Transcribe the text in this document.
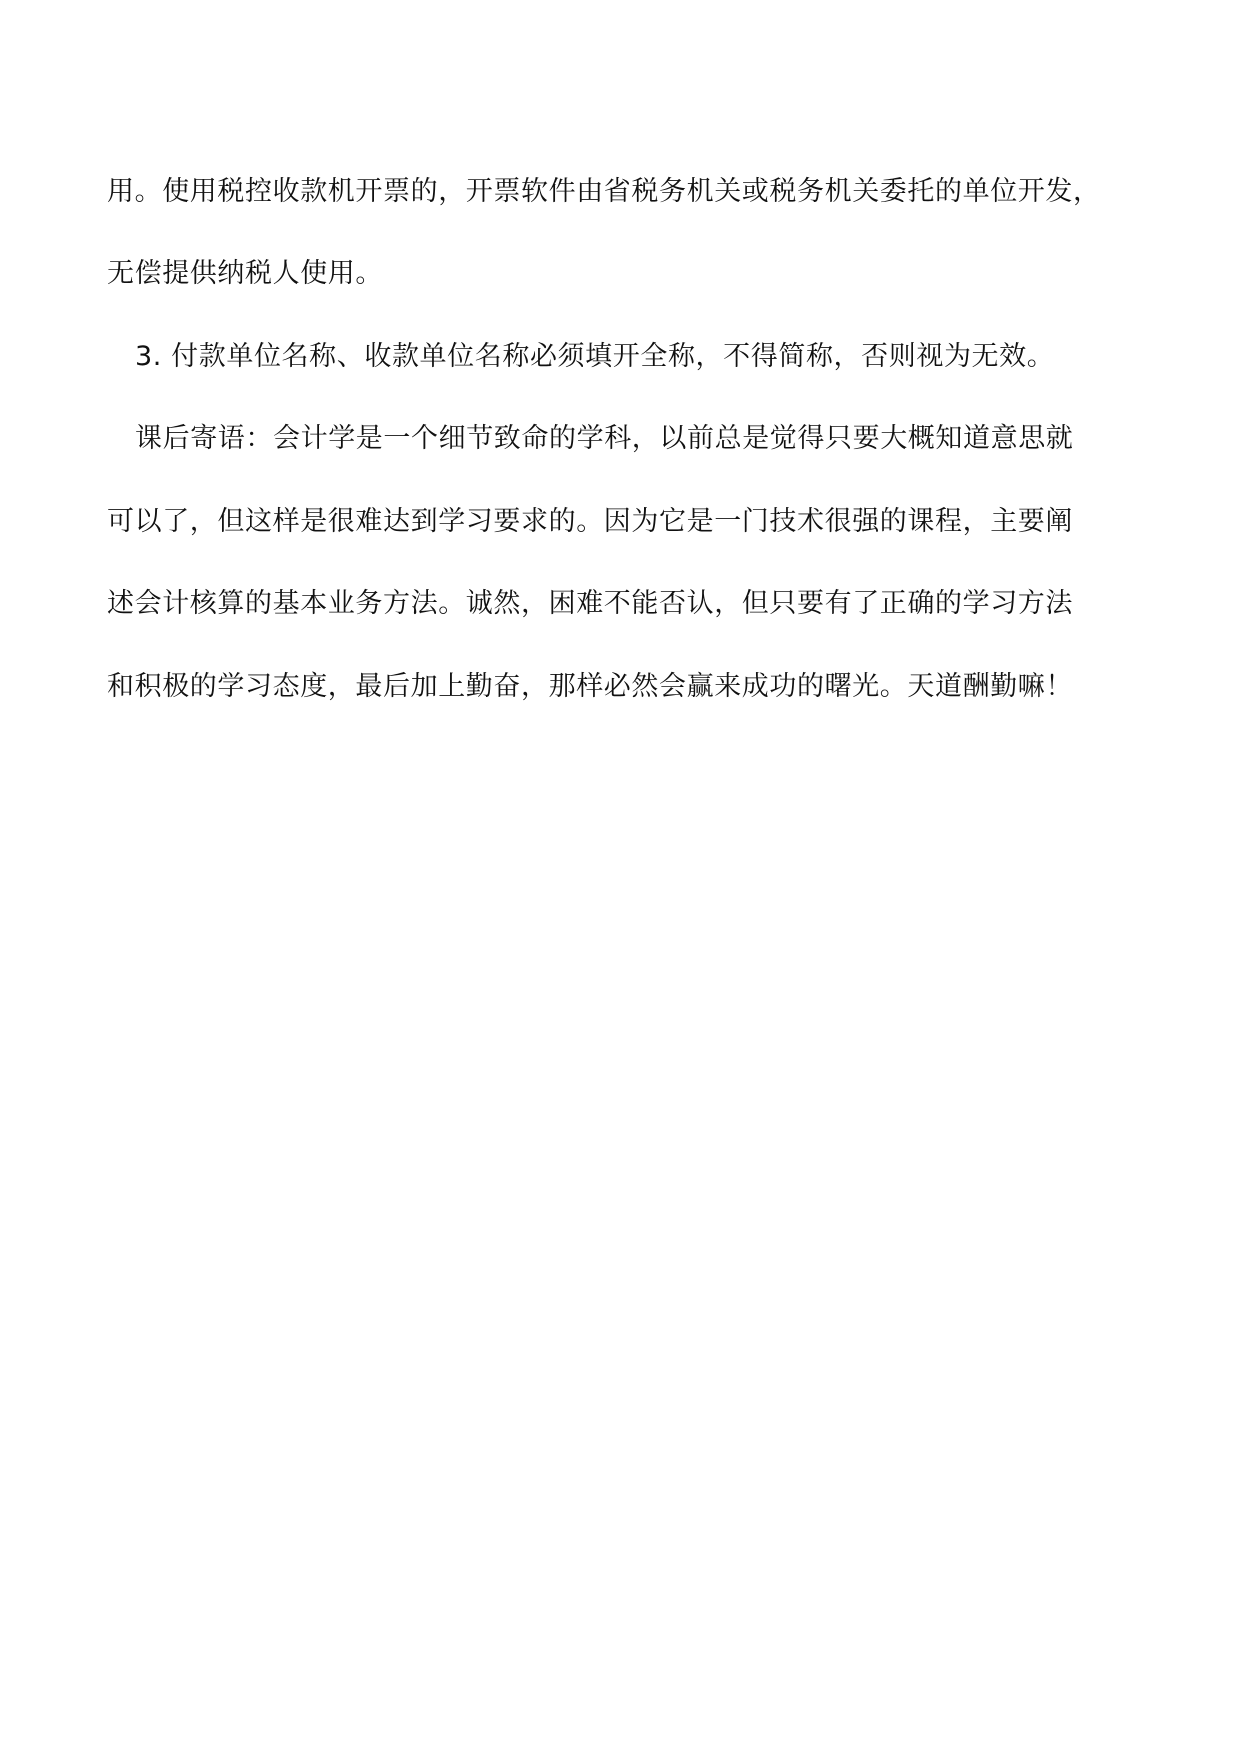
用。使用税控收款机开票的，开票软件由省税务机关或税务机关委托的单位开发，
无偿提供纳税人使用。
3. 付款单位名称、收款单位名称必须填开全称，不得简称，否则视为无效。
课后寄语：会计学是一个细节致命的学科，以前总是觉得只要大概知道意思就
可以了，但这样是很难达到学习要求的。因为它是一门技术很强的课程，主要阐
述会计核算的基本业务方法。诚然，困难不能否认，但只要有了正确的学习方法
和积极的学习态度，最后加上勤奋，那样必然会赢来成功的曙光。天道酬勤嘛！
